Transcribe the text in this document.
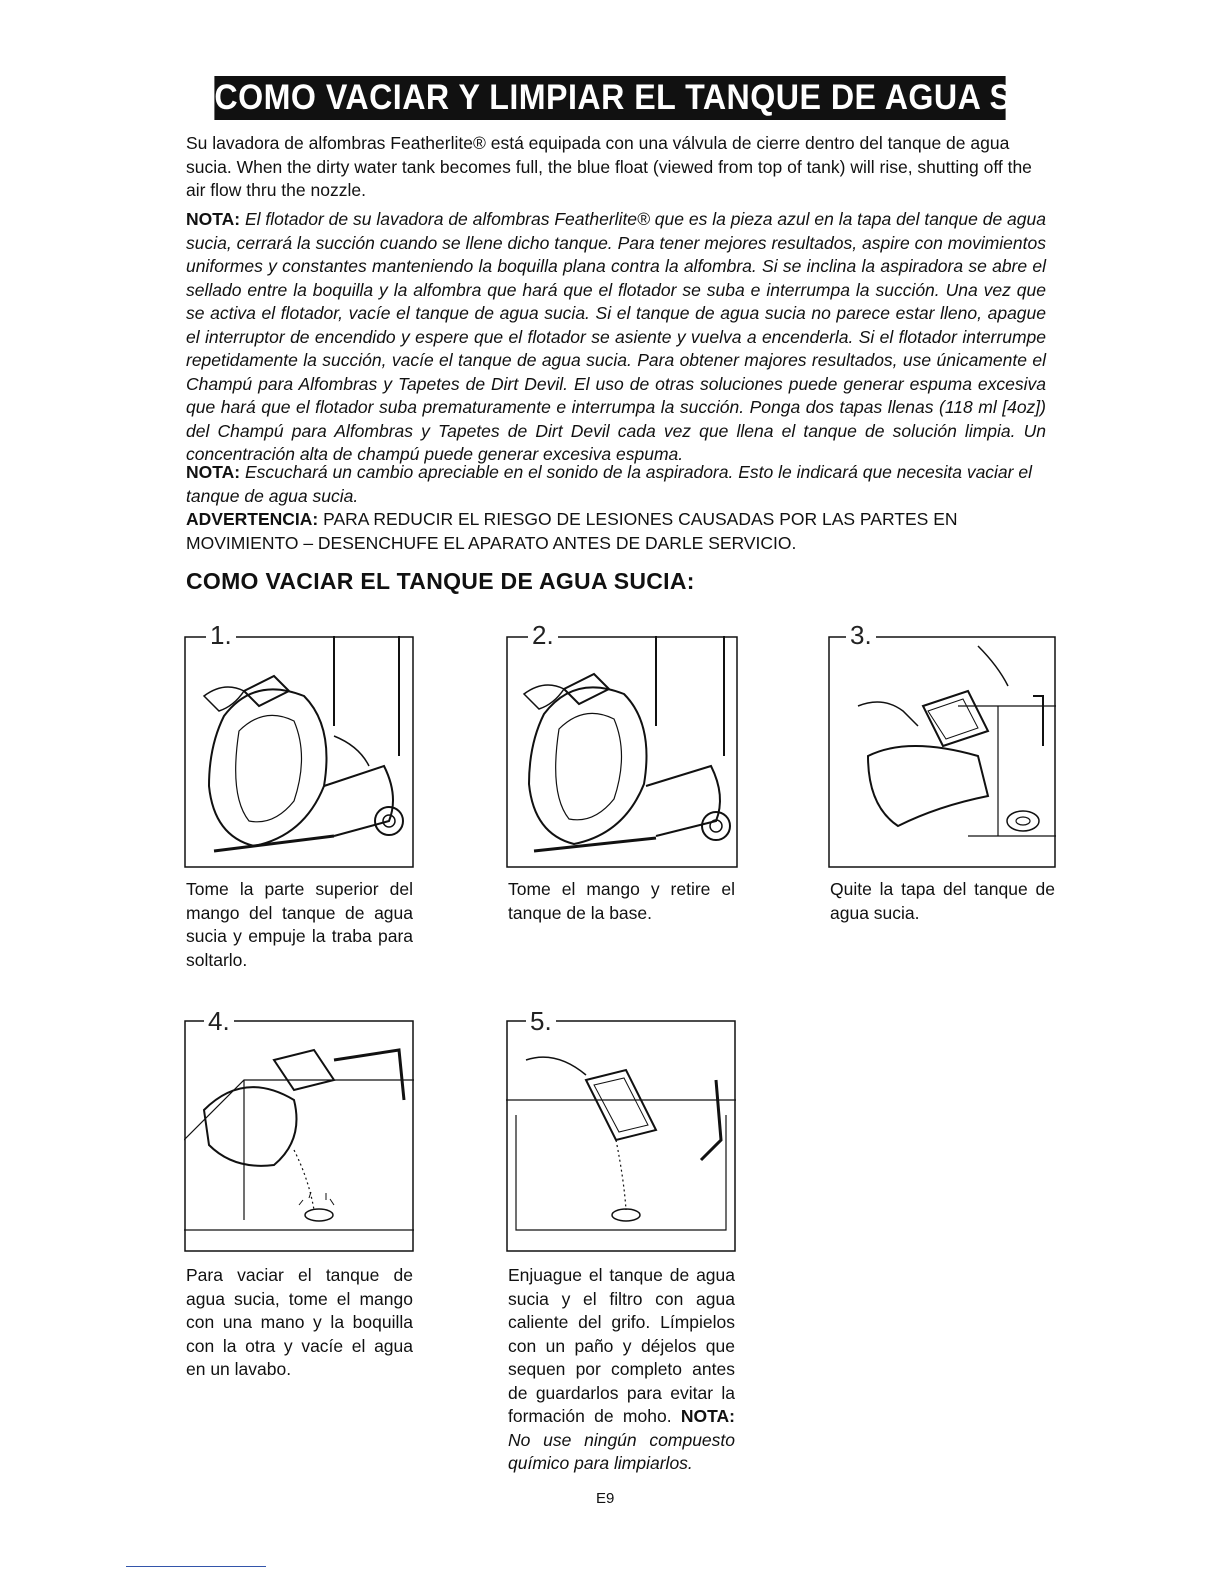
COMO VACIAR Y LIMPIAR EL TANQUE DE AGUA SUCIA
Su lavadora de alfombras Featherlite® está equipada con una válvula de cierre dentro del tanque de agua sucia. When the dirty water tank becomes full, the blue float (viewed from top of tank) will rise, shutting off the air flow thru the nozzle.
NOTA: El flotador de su lavadora de alfombras Featherlite® que es la pieza azul en la tapa del tanque de agua sucia, cerrará la succión cuando se llene dicho tanque. Para tener mejores resultados, aspire con movimientos uniformes y constantes manteniendo la boquilla plana contra la alfombra. Si se inclina la aspiradora se abre el sellado entre la boquilla y la alfombra que hará que el flotador se suba e interrumpa la succión. Una vez que se activa el flotador, vacíe el tanque de agua sucia. Si el tanque de agua sucia no parece estar lleno, apague el interruptor de encendido y espere que el flotador se asiente y vuelva a encenderla. Si el flotador interrumpe repetidamente la succión, vacíe el tanque de agua sucia. Para obtener majores resultados, use únicamente el Champú para Alfombras y Tapetes de Dirt Devil. El uso de otras soluciones puede generar espuma excesiva que hará que el flotador suba prematuramente e interrumpa la succión. Ponga dos tapas llenas (118 ml [4oz]) del Champú para Alfombras y Tapetes de Dirt Devil cada vez que llena el tanque de solución limpia. Un concentración alta de champú puede generar excesiva espuma.
NOTA: Escuchará un cambio apreciable en el sonido de la aspiradora. Esto le indicará que necesita vaciar el tanque de agua sucia.
ADVERTENCIA: PARA REDUCIR EL RIESGO DE LESIONES CAUSADAS POR LAS PARTES EN MOVIMIENTO – DESENCHUFE EL APARATO ANTES DE DARLE SERVICIO.
COMO VACIAR EL TANQUE DE AGUA SUCIA:
1.
Tome la parte superior del mango del tanque de agua sucia y empuje la traba para soltarlo.
2.
Tome el mango y retire el tanque de la base.
3.
Quite la tapa del tanque de agua sucia.
4.
Para vaciar el tanque de agua sucia, tome el mango con una mano y la boquilla con la otra y vacíe el agua en un lavabo.
5.
Enjuague el tanque de agua sucia y el filtro con agua caliente del grifo. Límpielos con un paño y déjelos que sequen por completo antes de guardarlos para evitar la formación de moho. NOTA: No use ningún compuesto químico para limpiarlos.
E9
